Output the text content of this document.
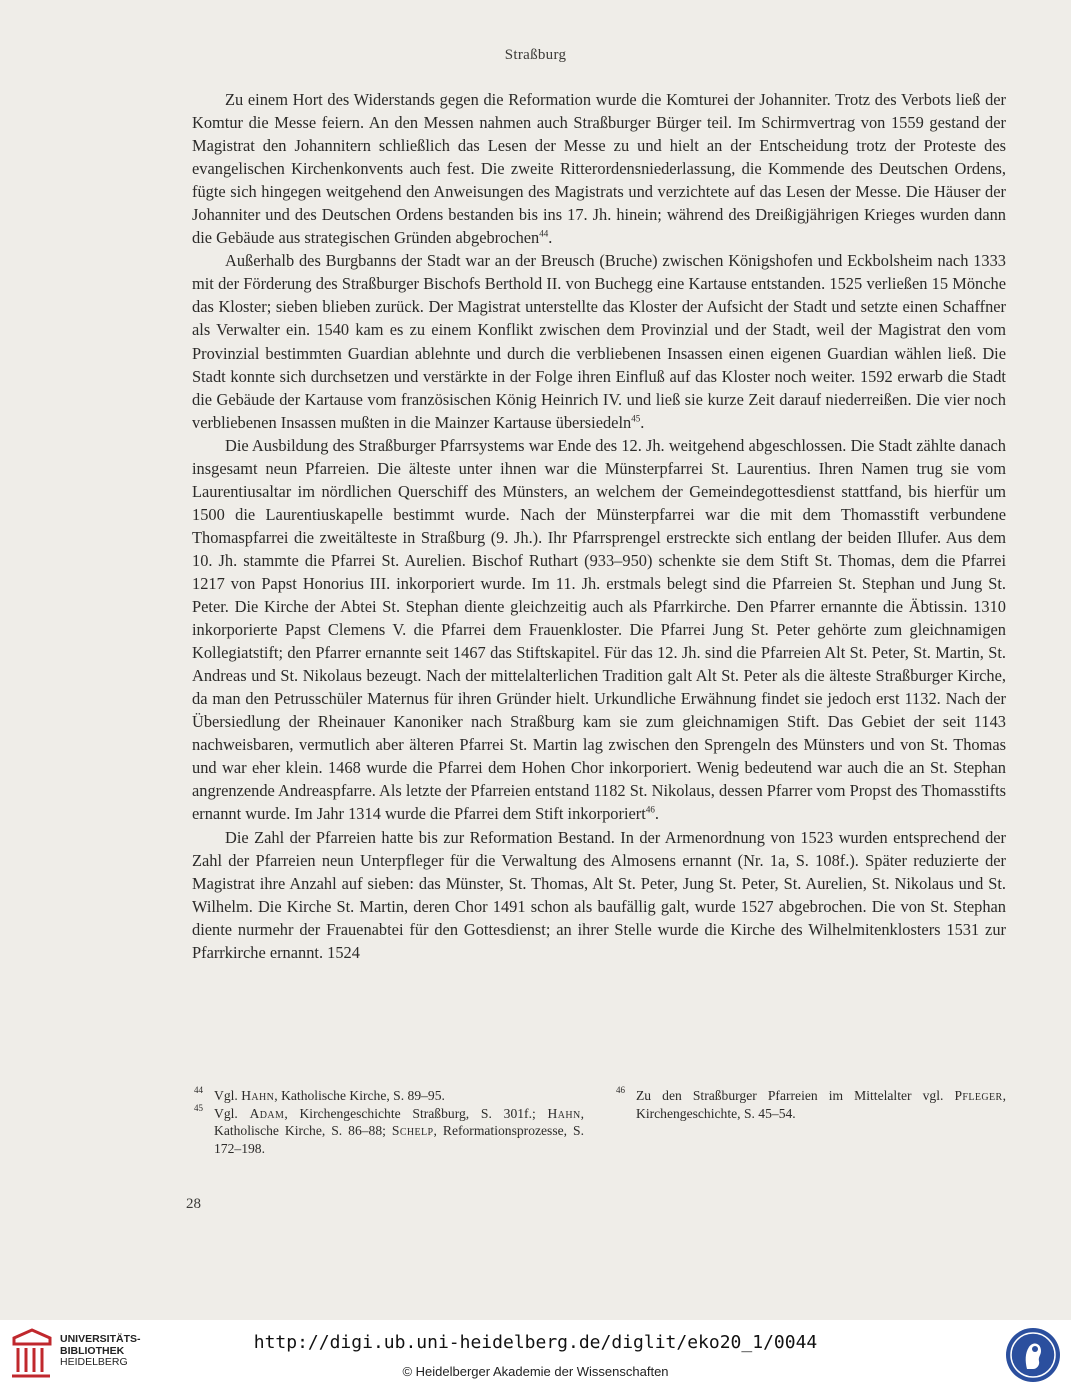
Straßburg

Zu einem Hort des Widerstands gegen die Reformation wurde die Komturei der Johanniter. Trotz des Verbots ließ der Komtur die Messe feiern. An den Messen nahmen auch Straßburger Bürger teil. Im Schirmvertrag von 1559 gestand der Magistrat den Johannitern schließlich das Lesen der Messe zu und hielt an der Entscheidung trotz der Proteste des evangelischen Kirchenkonvents auch fest. Die zweite Ritterordensniederlassung, die Kommende des Deutschen Ordens, fügte sich hingegen weitgehend den Anweisungen des Magistrats und verzichtete auf das Lesen der Messe. Die Häuser der Johanniter und des Deutschen Ordens bestanden bis ins 17. Jh. hinein; während des Dreißigjährigen Krieges wurden dann die Gebäude aus strategischen Gründen abgebrochen$^{44}$.

Außerhalb des Burgbanns der Stadt war an der Breusch (Bruche) zwischen Königshofen und Eckbolsheim nach 1333 mit der Förderung des Straßburger Bischofs Berthold II. von Buchegg eine Kartause entstanden. 1525 verließen 15 Mönche das Kloster; sieben blieben zurück. Der Magistrat unterstellte das Kloster der Aufsicht der Stadt und setzte einen Schaffner als Verwalter ein. 1540 kam es zu einem Konflikt zwischen dem Provinzial und der Stadt, weil der Magistrat den vom Provinzial bestimmten Guardian ablehnte und durch die verbliebenen Insassen einen eigenen Guardian wählen ließ. Die Stadt konnte sich durchsetzen und verstärkte in der Folge ihren Einfluß auf das Kloster noch weiter. 1592 erwarb die Stadt die Gebäude der Kartause vom französischen König Heinrich IV. und ließ sie kurze Zeit darauf niederreißen. Die vier noch verbliebenen Insassen mußten in die Mainzer Kartause übersiedeln$^{45}$.

Die Ausbildung des Straßburger Pfarrsystems war Ende des 12. Jh. weitgehend abgeschlossen. Die Stadt zählte danach insgesamt neun Pfarreien. Die älteste unter ihnen war die Münsterpfarrei St. Laurentius. Ihren Namen trug sie vom Laurentiusaltar im nördlichen Querschiff des Münsters, an welchem der Gemeindegottesdienst stattfand, bis hierfür um 1500 die Laurentiuskapelle bestimmt wurde. Nach der Münsterpfarrei war die mit dem Thomasstift verbundene Thomaspfarrei die zweitälteste in Straßburg (9. Jh.). Ihr Pfarrsprengel erstreckte sich entlang der beiden Illufer. Aus dem 10. Jh. stammte die Pfarrei St. Aurelien. Bischof Ruthart (933–950) schenkte sie dem Stift St. Thomas, dem die Pfarrei 1217 von Papst Honorius III. inkorporiert wurde. Im 11. Jh. erstmals belegt sind die Pfarreien St. Stephan und Jung St. Peter. Die Kirche der Abtei St. Stephan diente gleichzeitig auch als Pfarrkirche. Den Pfarrer ernannte die Äbtissin. 1310 inkorporierte Papst Clemens V. die Pfarrei dem Frauenkloster. Die Pfarrei Jung St. Peter gehörte zum gleichnamigen Kollegiatstift; den Pfarrer ernannte seit 1467 das Stiftskapitel. Für das 12. Jh. sind die Pfarreien Alt St. Peter, St. Martin, St. Andreas und St. Nikolaus bezeugt. Nach der mittelalterlichen Tradition galt Alt St. Peter als die älteste Straßburger Kirche, da man den Petrusschüler Maternus für ihren Gründer hielt. Urkundliche Erwähnung findet sie jedoch erst 1132. Nach der Übersiedlung der Rheinauer Kanoniker nach Straßburg kam sie zum gleichnamigen Stift. Das Gebiet der seit 1143 nachweisbaren, vermutlich aber älteren Pfarrei St. Martin lag zwischen den Sprengeln des Münsters und von St. Thomas und war eher klein. 1468 wurde die Pfarrei dem Hohen Chor inkorporiert. Wenig bedeutend war auch die an St. Stephan angrenzende Andreaspfarre. Als letzte der Pfarreien entstand 1182 St. Nikolaus, dessen Pfarrer vom Propst des Thomasstifts ernannt wurde. Im Jahr 1314 wurde die Pfarrei dem Stift inkorporiert$^{46}$.

Die Zahl der Pfarreien hatte bis zur Reformation Bestand. In der Armenordnung von 1523 wurden entsprechend der Zahl der Pfarreien neun Unterpfleger für die Verwaltung des Almosens ernannt (Nr. 1a, S. 108f.). Später reduzierte der Magistrat ihre Anzahl auf sieben: das Münster, St. Thomas, Alt St. Peter, Jung St. Peter, St. Aurelien, St. Nikolaus und St. Wilhelm. Die Kirche St. Martin, deren Chor 1491 schon als baufällig galt, wurde 1527 abgebrochen. Die von St. Stephan diente nurmehr der Frauenabtei für den Gottesdienst; an ihrer Stelle wurde die Kirche des Wilhelmitenklosters 1531 zur Pfarrkirche ernannt. 1524

44 Vgl. Hahn, Katholische Kirche, S. 89–95.
45 Vgl. Adam, Kirchengeschichte Straßburg, S. 301f.; Hahn, Katholische Kirche, S. 86–88; Schelp, Reformationsprozesse, S. 172–198.
46 Zu den Straßburger Pfarreien im Mittelalter vgl. Pfleger, Kirchengeschichte, S. 45–54.
28
UNIVERSITÄTS-
BIBLIOTHEK
HEIDELBERG
http://digi.ub.uni-heidelberg.de/diglit/eko20_1/0044
© Heidelberger Akademie der Wissenschaften
